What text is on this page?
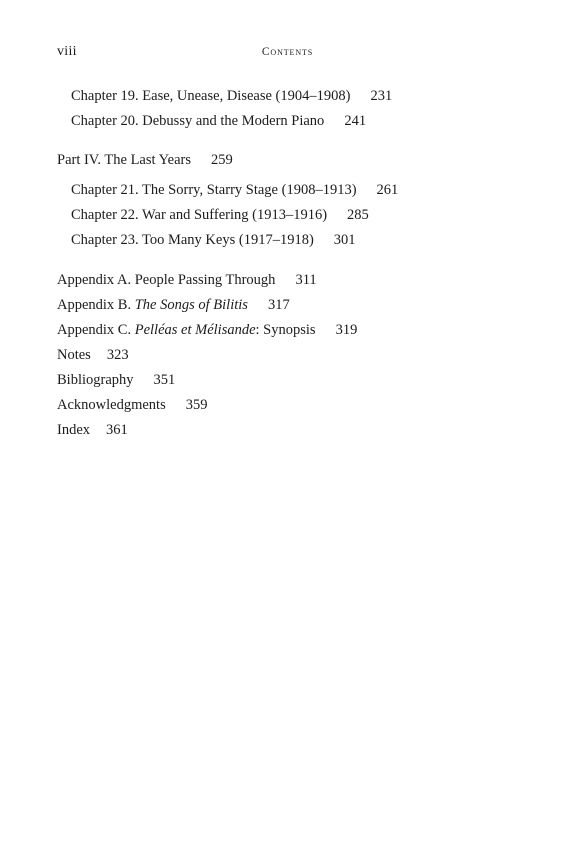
viii	Contents
Chapter 19. Ease, Unease, Disease (1904–1908) 231
Chapter 20. Debussy and the Modern Piano 241
Part IV. The Last Years 259
Chapter 21. The Sorry, Starry Stage (1908–1913) 261
Chapter 22. War and Suffering (1913–1916) 285
Chapter 23. Too Many Keys (1917–1918) 301
Appendix A. People Passing Through 311
Appendix B. The Songs of Bilitis 317
Appendix C. Pelléas et Mélisande: Synopsis 319
Notes 323
Bibliography 351
Acknowledgments 359
Index 361
